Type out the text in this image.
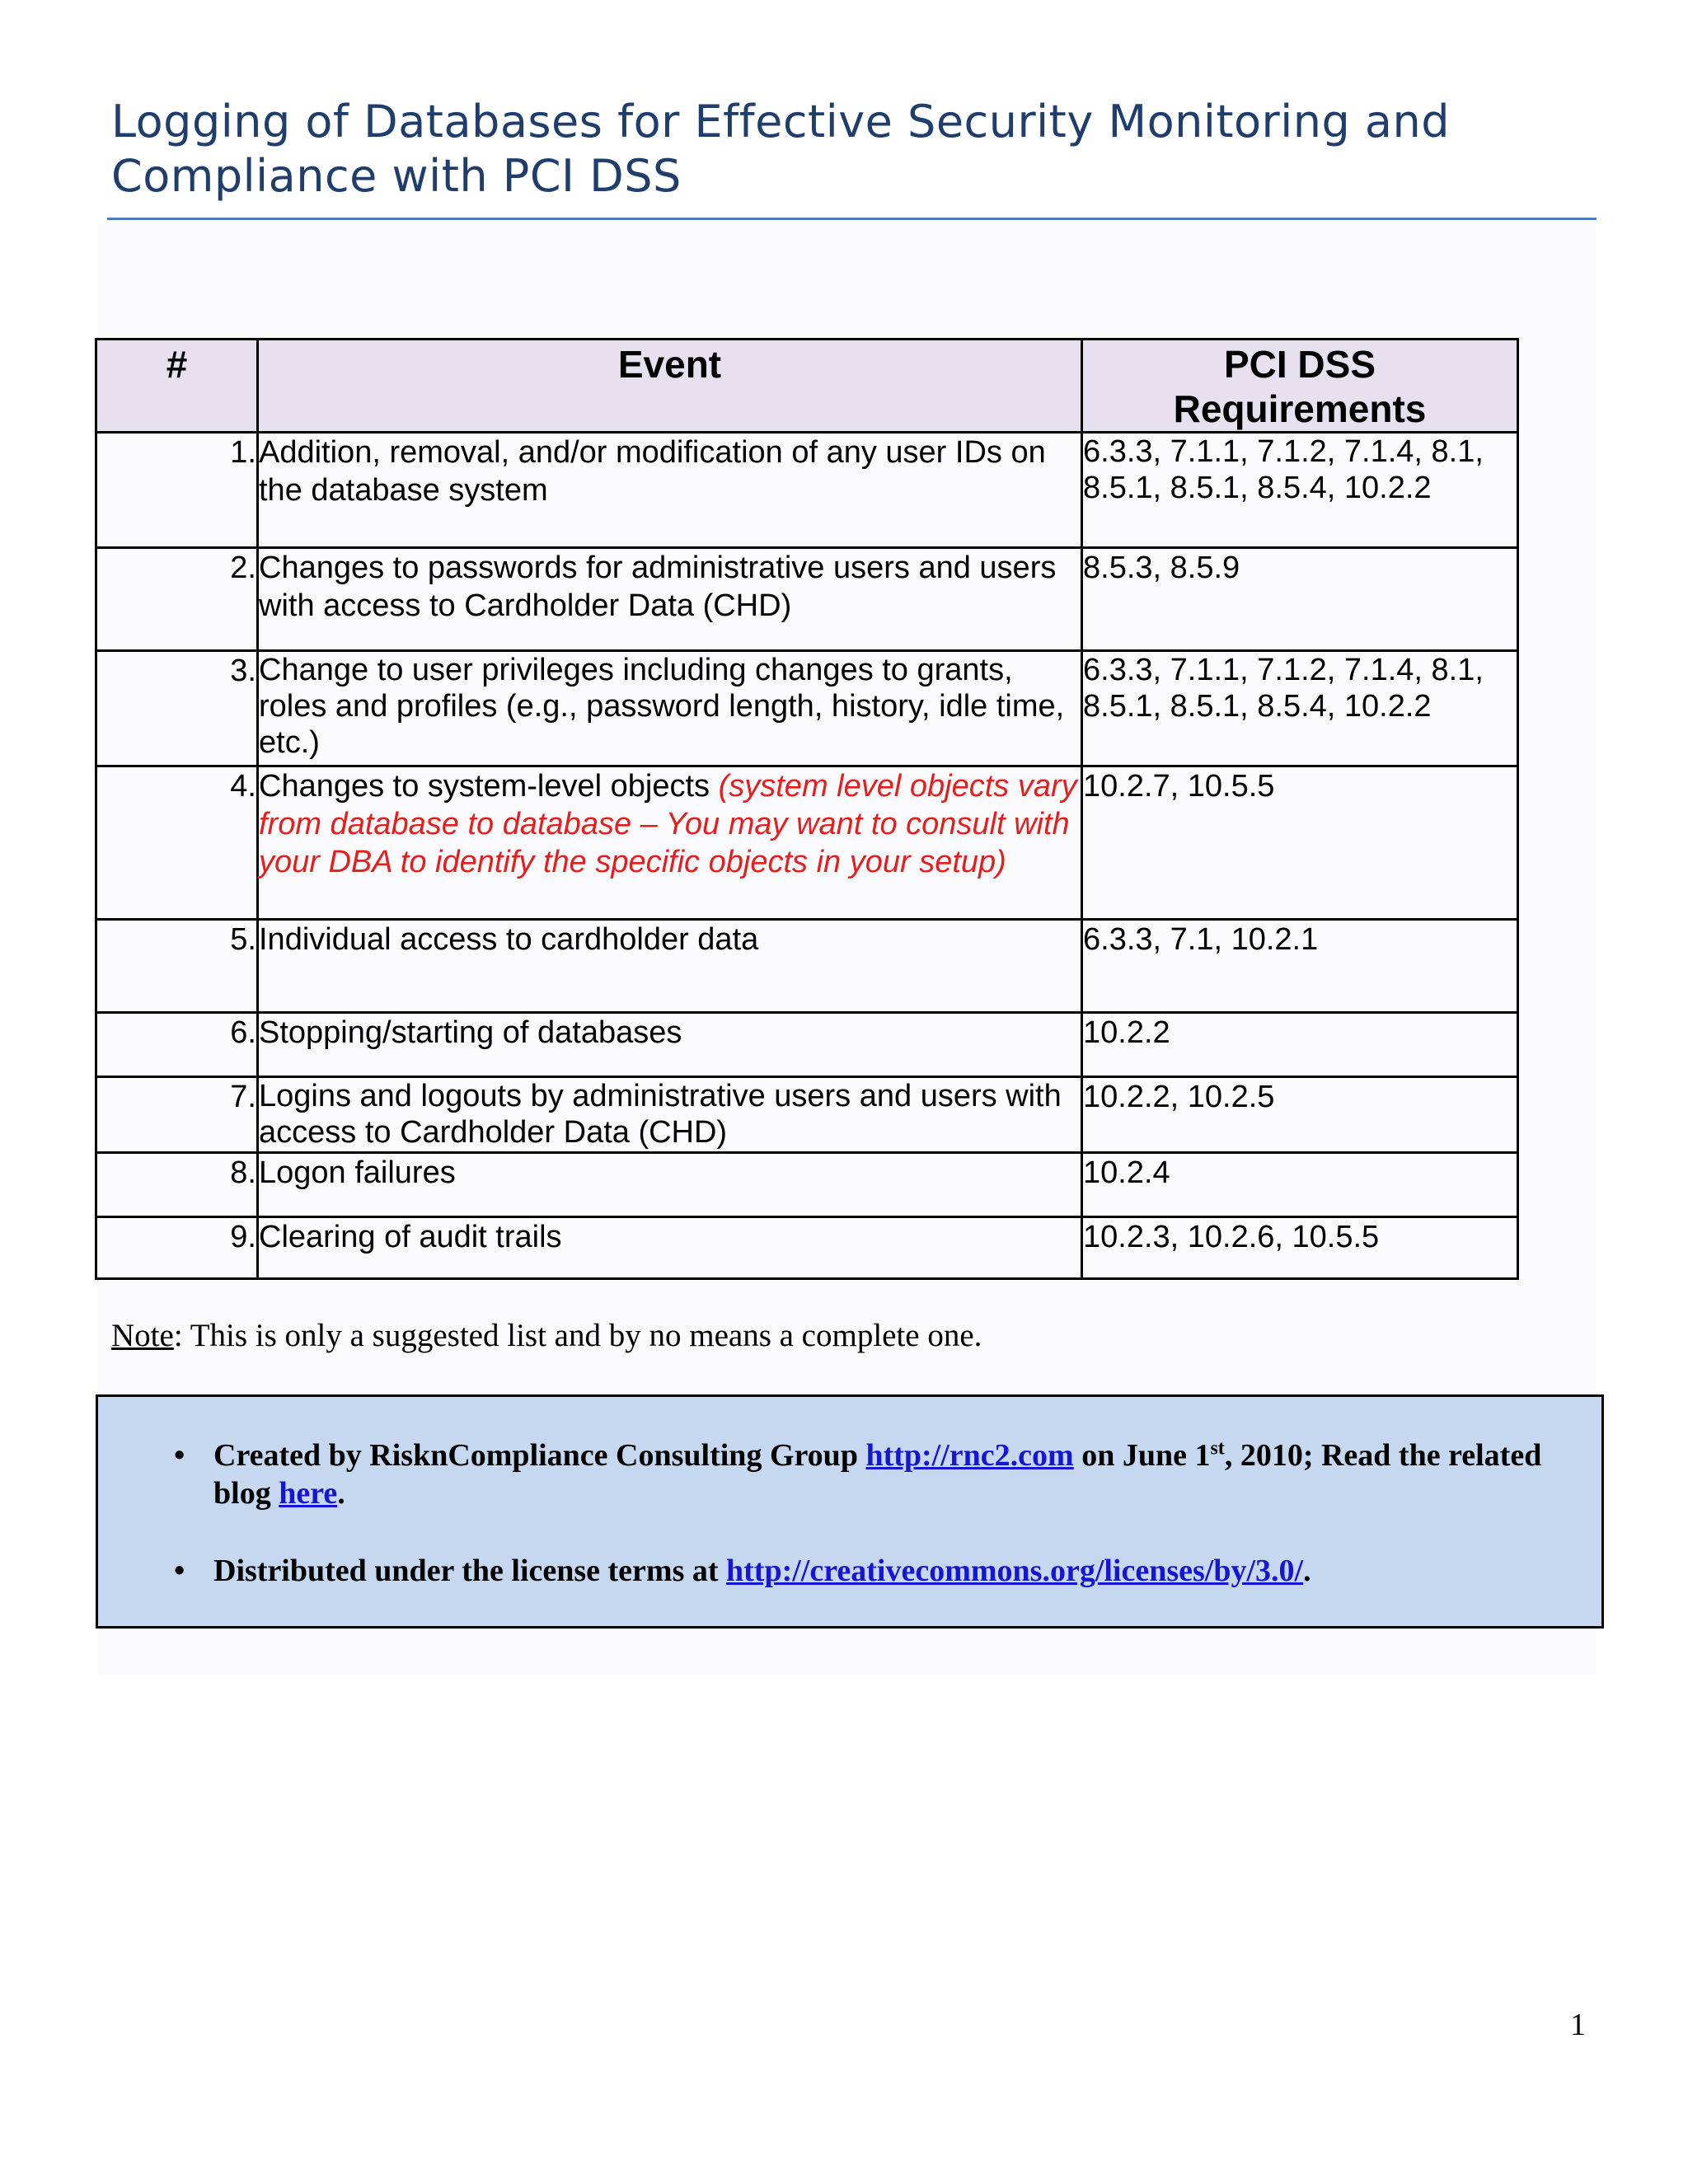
Logging of Databases for Effective Security Monitoring and
Compliance with PCI DSS
#	Event	PCI DSS
Requirements

1.	Addition, removal, and/or modification of any user IDs on the database system	6.3.3, 7.1.1, 7.1.2, 7.1.4, 8.1, 8.5.1, 8.5.1, 8.5.4, 10.2.2
2.	Changes to passwords for administrative users and users with access to Cardholder Data (CHD)	8.5.3, 8.5.9
3.	Change to user privileges including changes to grants, roles and profiles (e.g., password length, history, idle time, etc.)	6.3.3, 7.1.1, 7.1.2, 7.1.4, 8.1, 8.5.1, 8.5.1, 8.5.4, 10.2.2
4.	Changes to system-level objects (system level objects vary from database to database – You may want to consult with your DBA to identify the specific objects in your setup)	10.2.7, 10.5.5
5.	Individual access to cardholder data	6.3.3, 7.1, 10.2.1
6.	Stopping/starting of databases	10.2.2
7.	Logins and logouts by administrative users and users with access to Cardholder Data (CHD)	10.2.2, 10.2.5
8.	Logon failures	10.2.4
9.	Clearing of audit trails	10.2.3, 10.2.6, 10.5.5
Note: This is only a suggested list and by no means a complete one.
• Created by RisknCompliance Consulting Group http://rnc2.com on June 1st, 2010; Read the related blog here.
• Distributed under the license terms at http://creativecommons.org/licenses/by/3.0/.
1
